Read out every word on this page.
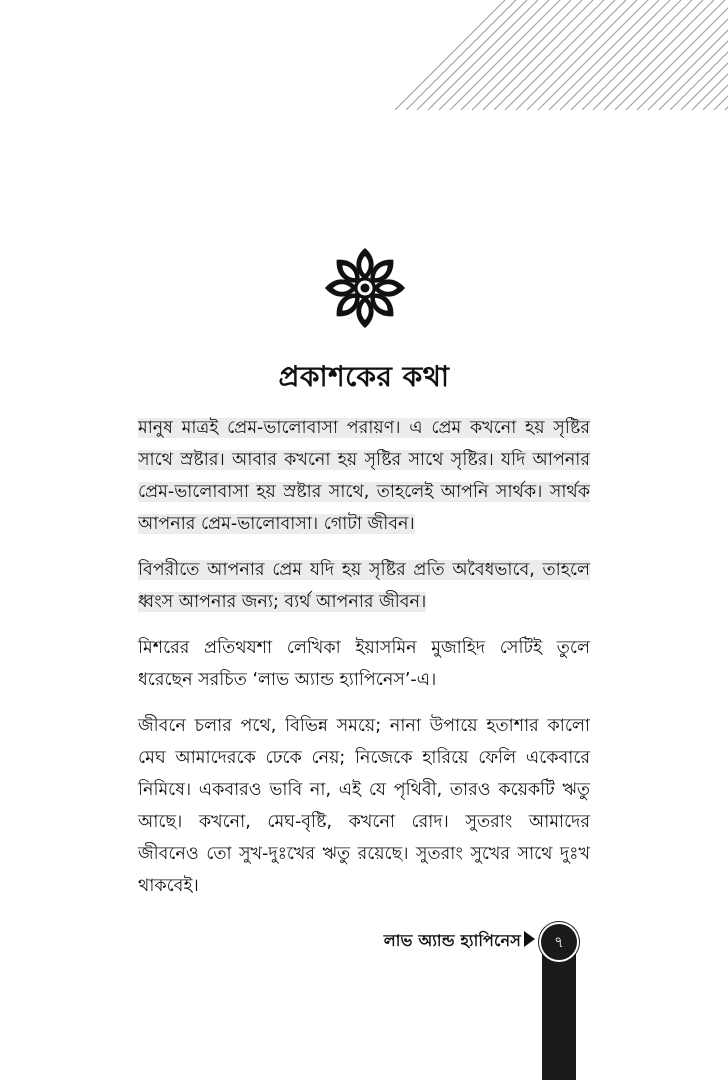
প্রকাশকের কথা

মানুষ মাত্রই প্রেম-ভালোবাসা পরায়ণ। এ প্রেম কখনো হয় সৃষ্টির সাথে স্রষ্টার। আবার কখনো হয় সৃষ্টির সাথে সৃষ্টির। যদি আপনার প্রেম-ভালোবাসা হয় স্রষ্টার সাথে, তাহলেই আপনি সার্থক। সার্থক আপনার প্রেম-ভালোবাসা। গোটা জীবন।

বিপরীতে আপনার প্রেম যদি হয় সৃষ্টির প্রতি অবৈধভাবে, তাহলে ধ্বংস আপনার জন্য; ব্যর্থ আপনার জীবন।

মিশরের প্রতিথযশা লেখিকা ইয়াসমিন মুজাহিদ সেটিই তুলে ধরেছেন সরচিত ‘লাভ অ্যান্ড হ্যাপিনেস’-এ।

জীবনে চলার পথে, বিভিন্ন সময়ে; নানা উপায়ে হতাশার কালো মেঘ আমাদেরকে ঢেকে নেয়; নিজেকে হারিয়ে ফেলি একেবারে নিমিষে। একবারও ভাবি না, এই যে পৃথিবী, তারও কয়েকটি ঋতু আছে। কখনো, মেঘ-বৃষ্টি, কখনো রোদ। সুতরাং আমাদের জীবনেও তো সুখ-দুঃখের ঋতু রয়েছে। সুতরাং সুখের সাথে দুঃখ থাকবেই।

লাভ অ্যান্ড হ্যাপিনেস	৭
